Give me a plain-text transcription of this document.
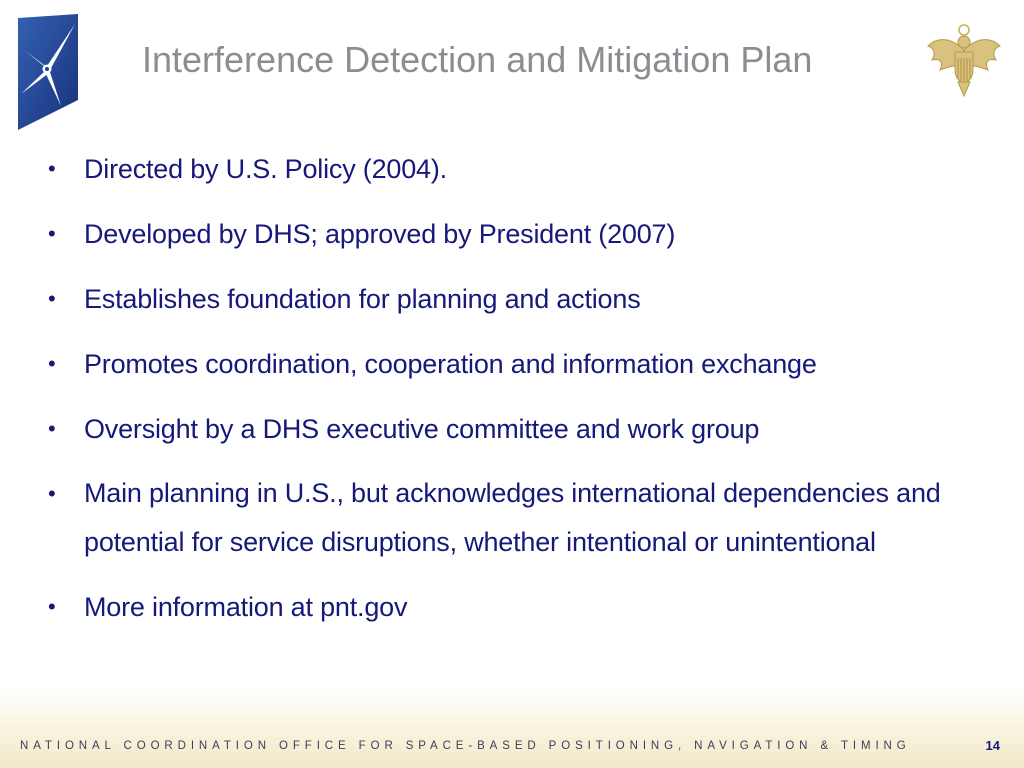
Interference Detection and Mitigation Plan
• Directed by U.S. Policy (2004).
• Developed by DHS; approved by President (2007)
• Establishes foundation for planning and actions
• Promotes coordination, cooperation and information exchange
• Oversight by a DHS executive committee and work group
• Main planning in U.S., but acknowledges international dependencies and potential for service disruptions, whether intentional or unintentional
• More information at pnt.gov
NATIONAL COORDINATION OFFICE FOR SPACE-BASED POSITIONING, NAVIGATION & TIMING	14
